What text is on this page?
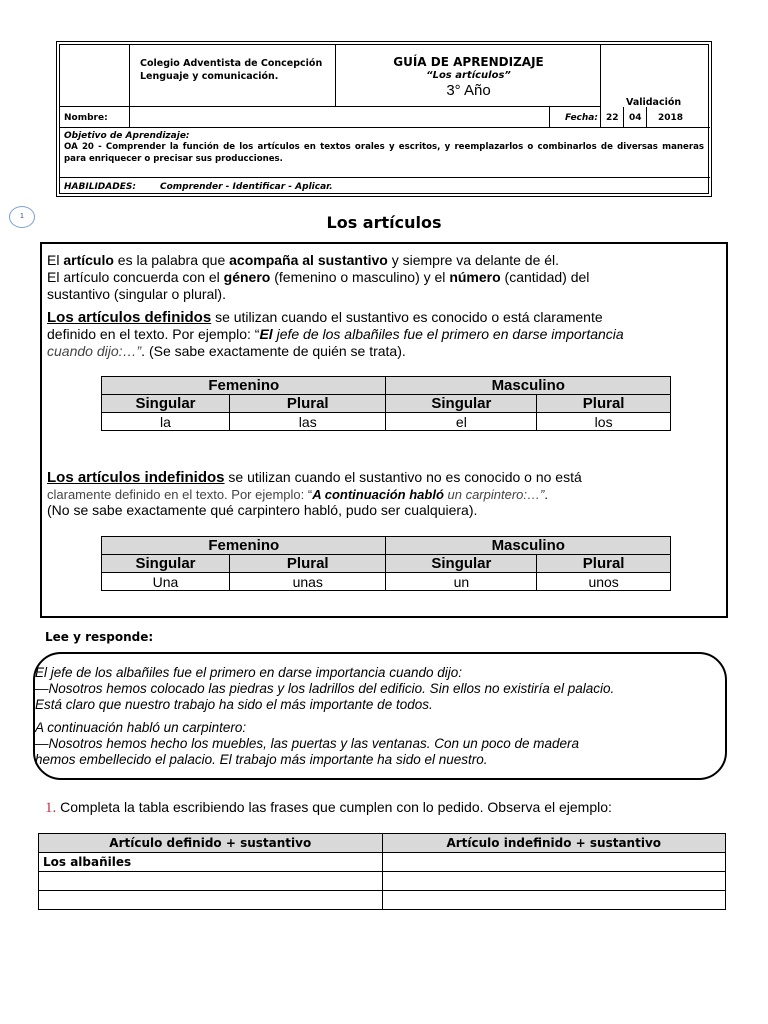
Colegio Adventista de Concepción
Lenguaje y comunicación.
GUÍA DE APRENDIZAJE
“Los artículos”
3° Año
Validación
Nombre:	Fecha: 22 04 2018
Objetivo de Aprendizaje:
OA 20 - Comprender la función de los artículos en textos orales y escritos, y reemplazarlos o combinarlos de diversas maneras para enriquecer o precisar sus producciones.
HABILIDADES:	Comprender - Identificar - Aplicar.
1	Los artículos
El artículo es la palabra que acompaña al sustantivo y siempre va delante de él.
El artículo concuerda con el género (femenino o masculino) y el número (cantidad) del
sustantivo (singular o plural).
Los artículos definidos se utilizan cuando el sustantivo es conocido o está claramente
definido en el texto. Por ejemplo: “El jefe de los albañiles fue el primero en darse importancia
cuando dijo:…”. (Se sabe exactamente de quién se trata).
Femenino		Masculino	
Singular	Plural	Singular	Plural
la	las	el	los
Los artículos indefinidos se utilizan cuando el sustantivo no es conocido o no está
claramente definido en el texto. Por ejemplo: “A continuación habló un carpintero:…”.
(No se sabe exactamente qué carpintero habló, pudo ser cualquiera).
Femenino		Masculino	
Singular	Plural	Singular	Plural
Una	unas	un	unos
Lee y responde:
El jefe de los albañiles fue el primero en darse importancia cuando dijo:
—Nosotros hemos colocado las piedras y los ladrillos del edificio. Sin ellos no existiría el palacio.
Está claro que nuestro trabajo ha sido el más importante de todos.
A continuación habló un carpintero:
—Nosotros hemos hecho los muebles, las puertas y las ventanas. Con un poco de madera
hemos embellecido el palacio. El trabajo más importante ha sido el nuestro.
1. Completa la tabla escribiendo las frases que cumplen con lo pedido. Observa el ejemplo:
Artículo definido + sustantivo	Artículo indefinido + sustantivo
Los albañiles	
